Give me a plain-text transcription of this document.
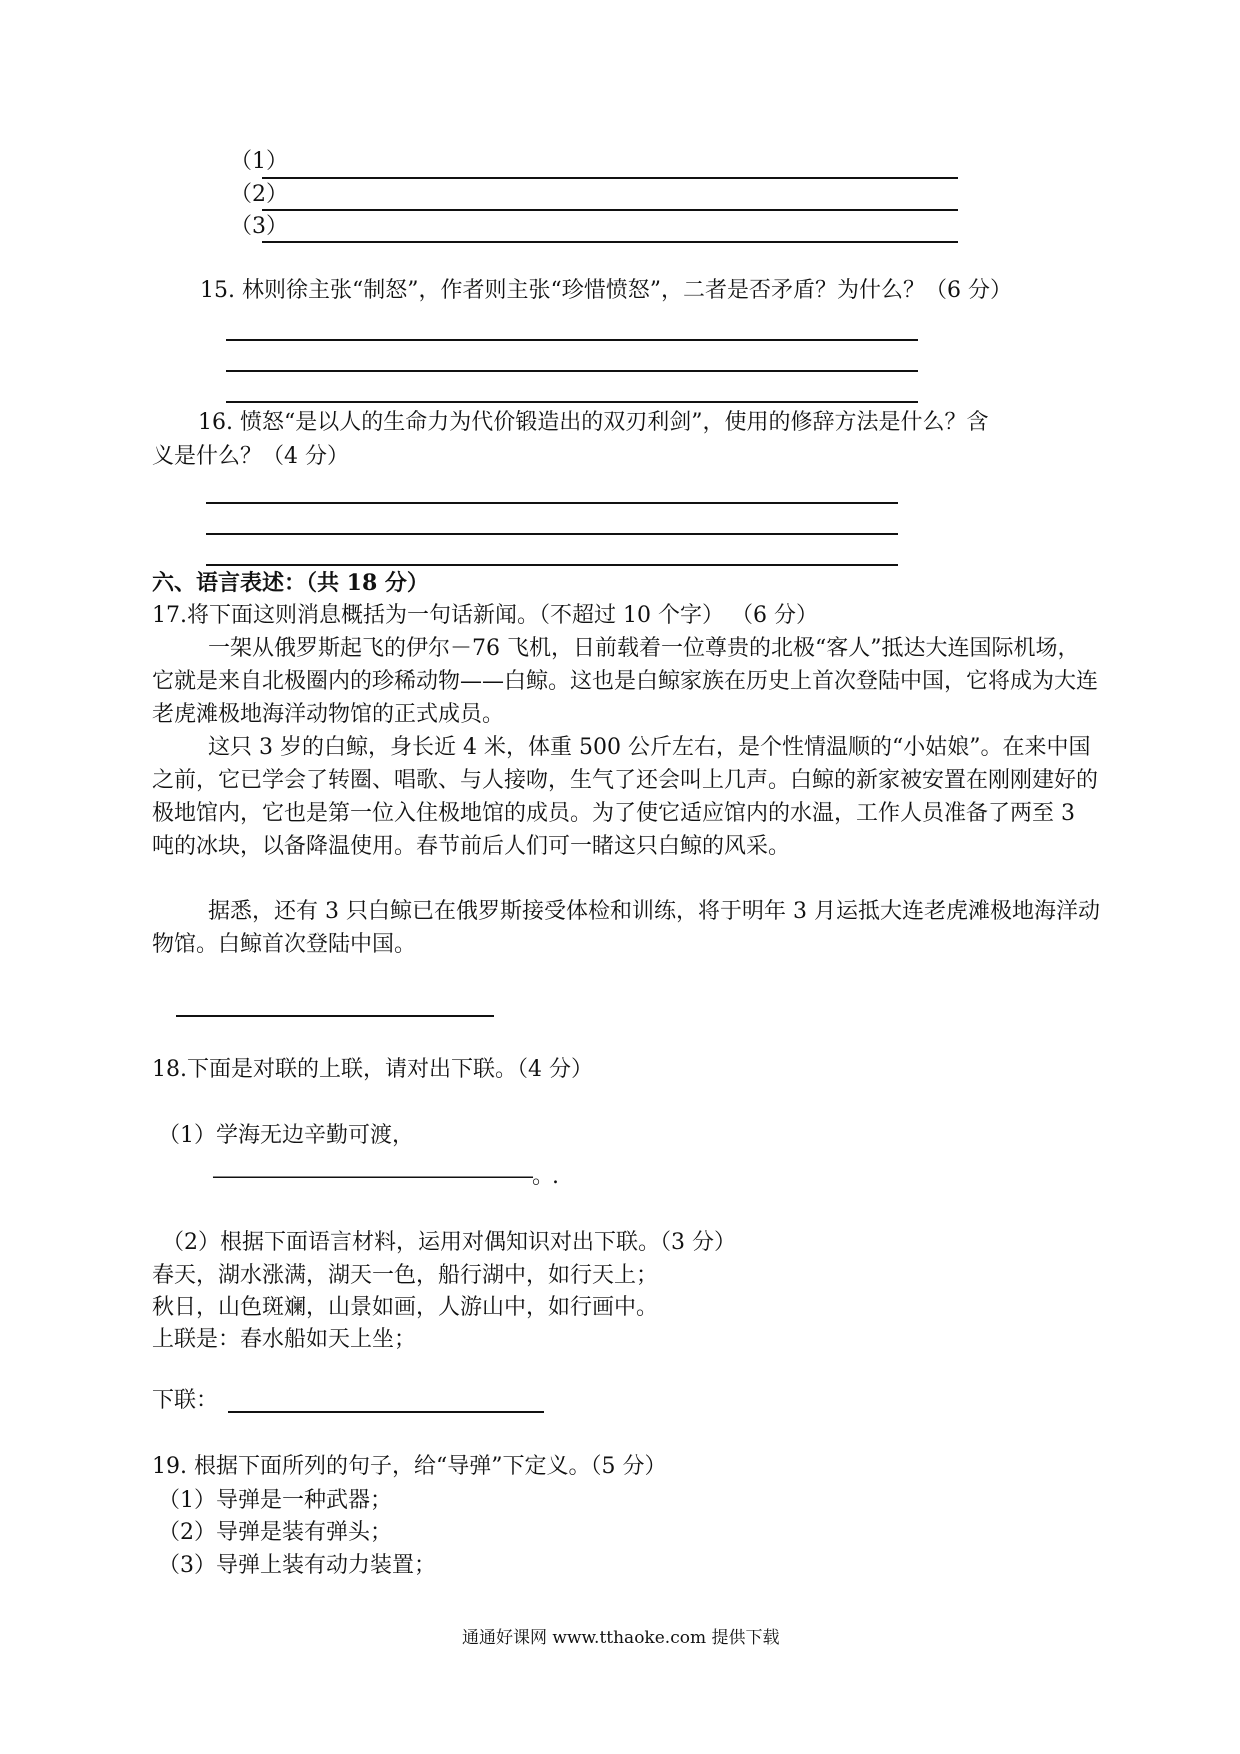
（1）
（2）
（3）
15. 林则徐主张“制怒”，作者则主张“珍惜愤怒”，二者是否矛盾？为什么？（6 分）
16. 愤怒“是以人的生命力为代价锻造出的双刃利剑”，使用的修辞方法是什么？含
义是什么？（4 分）
六、语言表述：（共 18 分）
17.将下面这则消息概括为一句话新闻。（不超过 10 个字） （6 分）
一架从俄罗斯起飞的伊尔－76 飞机，日前载着一位尊贵的北极“客人”抵达大连国际机场，它就是来自北极圈内的珍稀动物——白鲸。这也是白鲸家族在历史上首次登陆中国，它将成为大连老虎滩极地海洋动物馆的正式成员。
这只 3 岁的白鲸，身长近 4 米，体重 500 公斤左右，是个性情温顺的“小姑娘”。在来中国之前，它已学会了转圈、唱歌、与人接吻，生气了还会叫上几声。白鲸的新家被安置在刚刚建好的极地馆内，它也是第一位入住极地馆的成员。为了使它适应馆内的水温，工作人员准备了两至 3 吨的冰块，以备降温使用。春节前后人们可一睹这只白鲸的风采。
据悉，还有 3 只白鲸已在俄罗斯接受体检和训练，将于明年 3 月运抵大连老虎滩极地海洋动物馆。白鲸首次登陆中国。
18.下面是对联的上联，请对出下联。（4 分）
（1）学海无边辛勤可渡，
————————————————。.
（2）根据下面语言材料，运用对偶知识对出下联。（3 分）
春天，湖水涨满，湖天一色，船行湖中，如行天上；
秋日，山色斑斓，山景如画，人游山中，如行画中。
上联是：春水船如天上坐；
下联：
19. 根据下面所列的句子，给“导弹”下定义。（5 分）
（1）导弹是一种武器；
（2）导弹是装有弹头；
（3）导弹上装有动力装置；
通通好课网 www.tthaoke.com 提供下载
